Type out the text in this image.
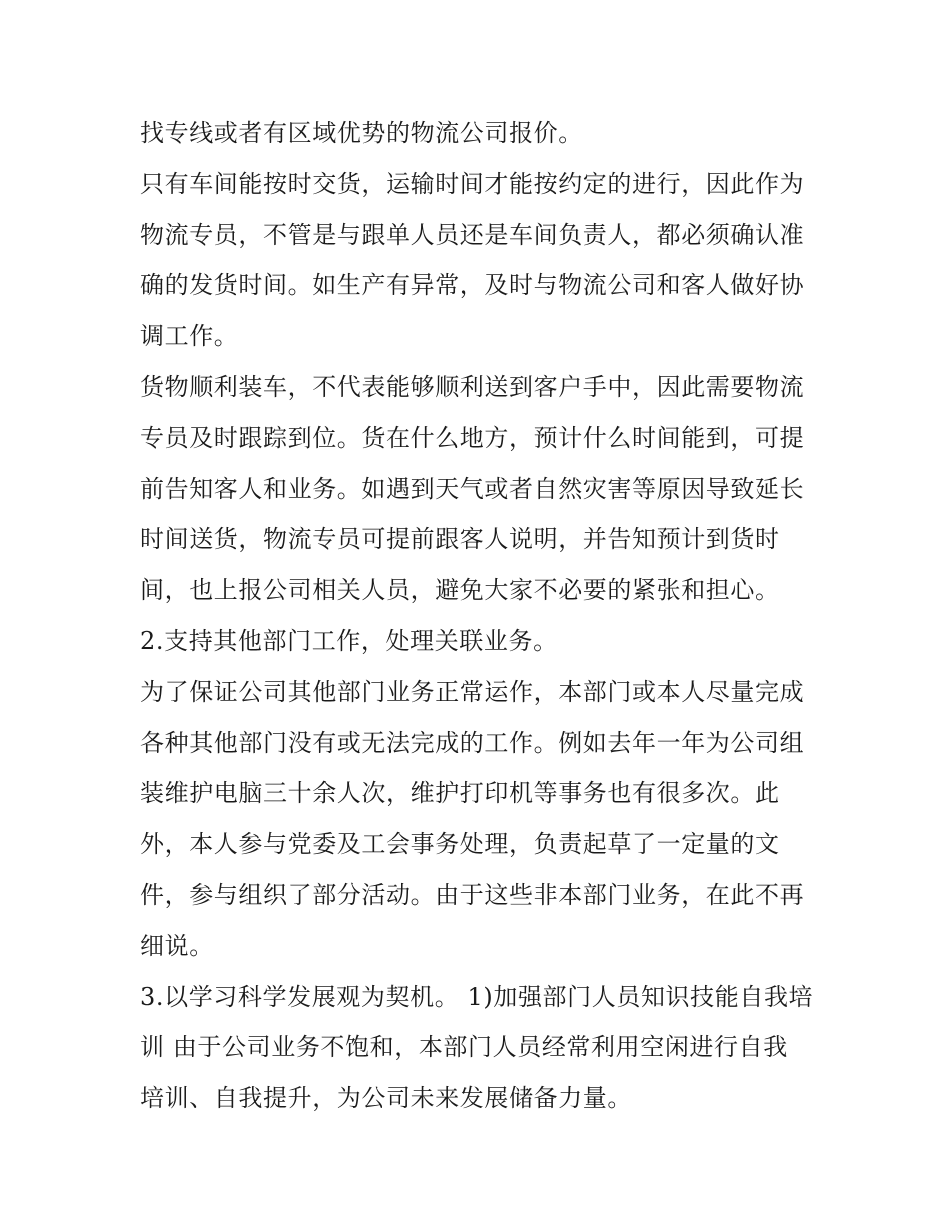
找专线或者有区域优势的物流公司报价。

只有车间能按时交货，运输时间才能按约定的进行，因此作为
物流专员，不管是与跟单人员还是车间负责人，都必须确认准
确的发货时间。如生产有异常，及时与物流公司和客人做好协
调工作。

货物顺利装车，不代表能够顺利送到客户手中，因此需要物流
专员及时跟踪到位。货在什么地方，预计什么时间能到，可提
前告知客人和业务。如遇到天气或者自然灾害等原因导致延长
时间送货，物流专员可提前跟客人说明，并告知预计到货时
间，也上报公司相关人员，避免大家不必要的紧张和担心。

2.支持其他部门工作，处理关联业务。

为了保证公司其他部门业务正常运作，本部门或本人尽量完成
各种其他部门没有或无法完成的工作。例如去年一年为公司组
装维护电脑三十余人次，维护打印机等事务也有很多次。此
外，本人参与党委及工会事务处理，负责起草了一定量的文
件，参与组织了部分活动。由于这些非本部门业务，在此不再
细说。

3.以学习科学发展观为契机。 1)加强部门人员知识技能自我培
训 由于公司业务不饱和，本部门人员经常利用空闲进行自我
培训、自我提升，为公司未来发展储备力量。
